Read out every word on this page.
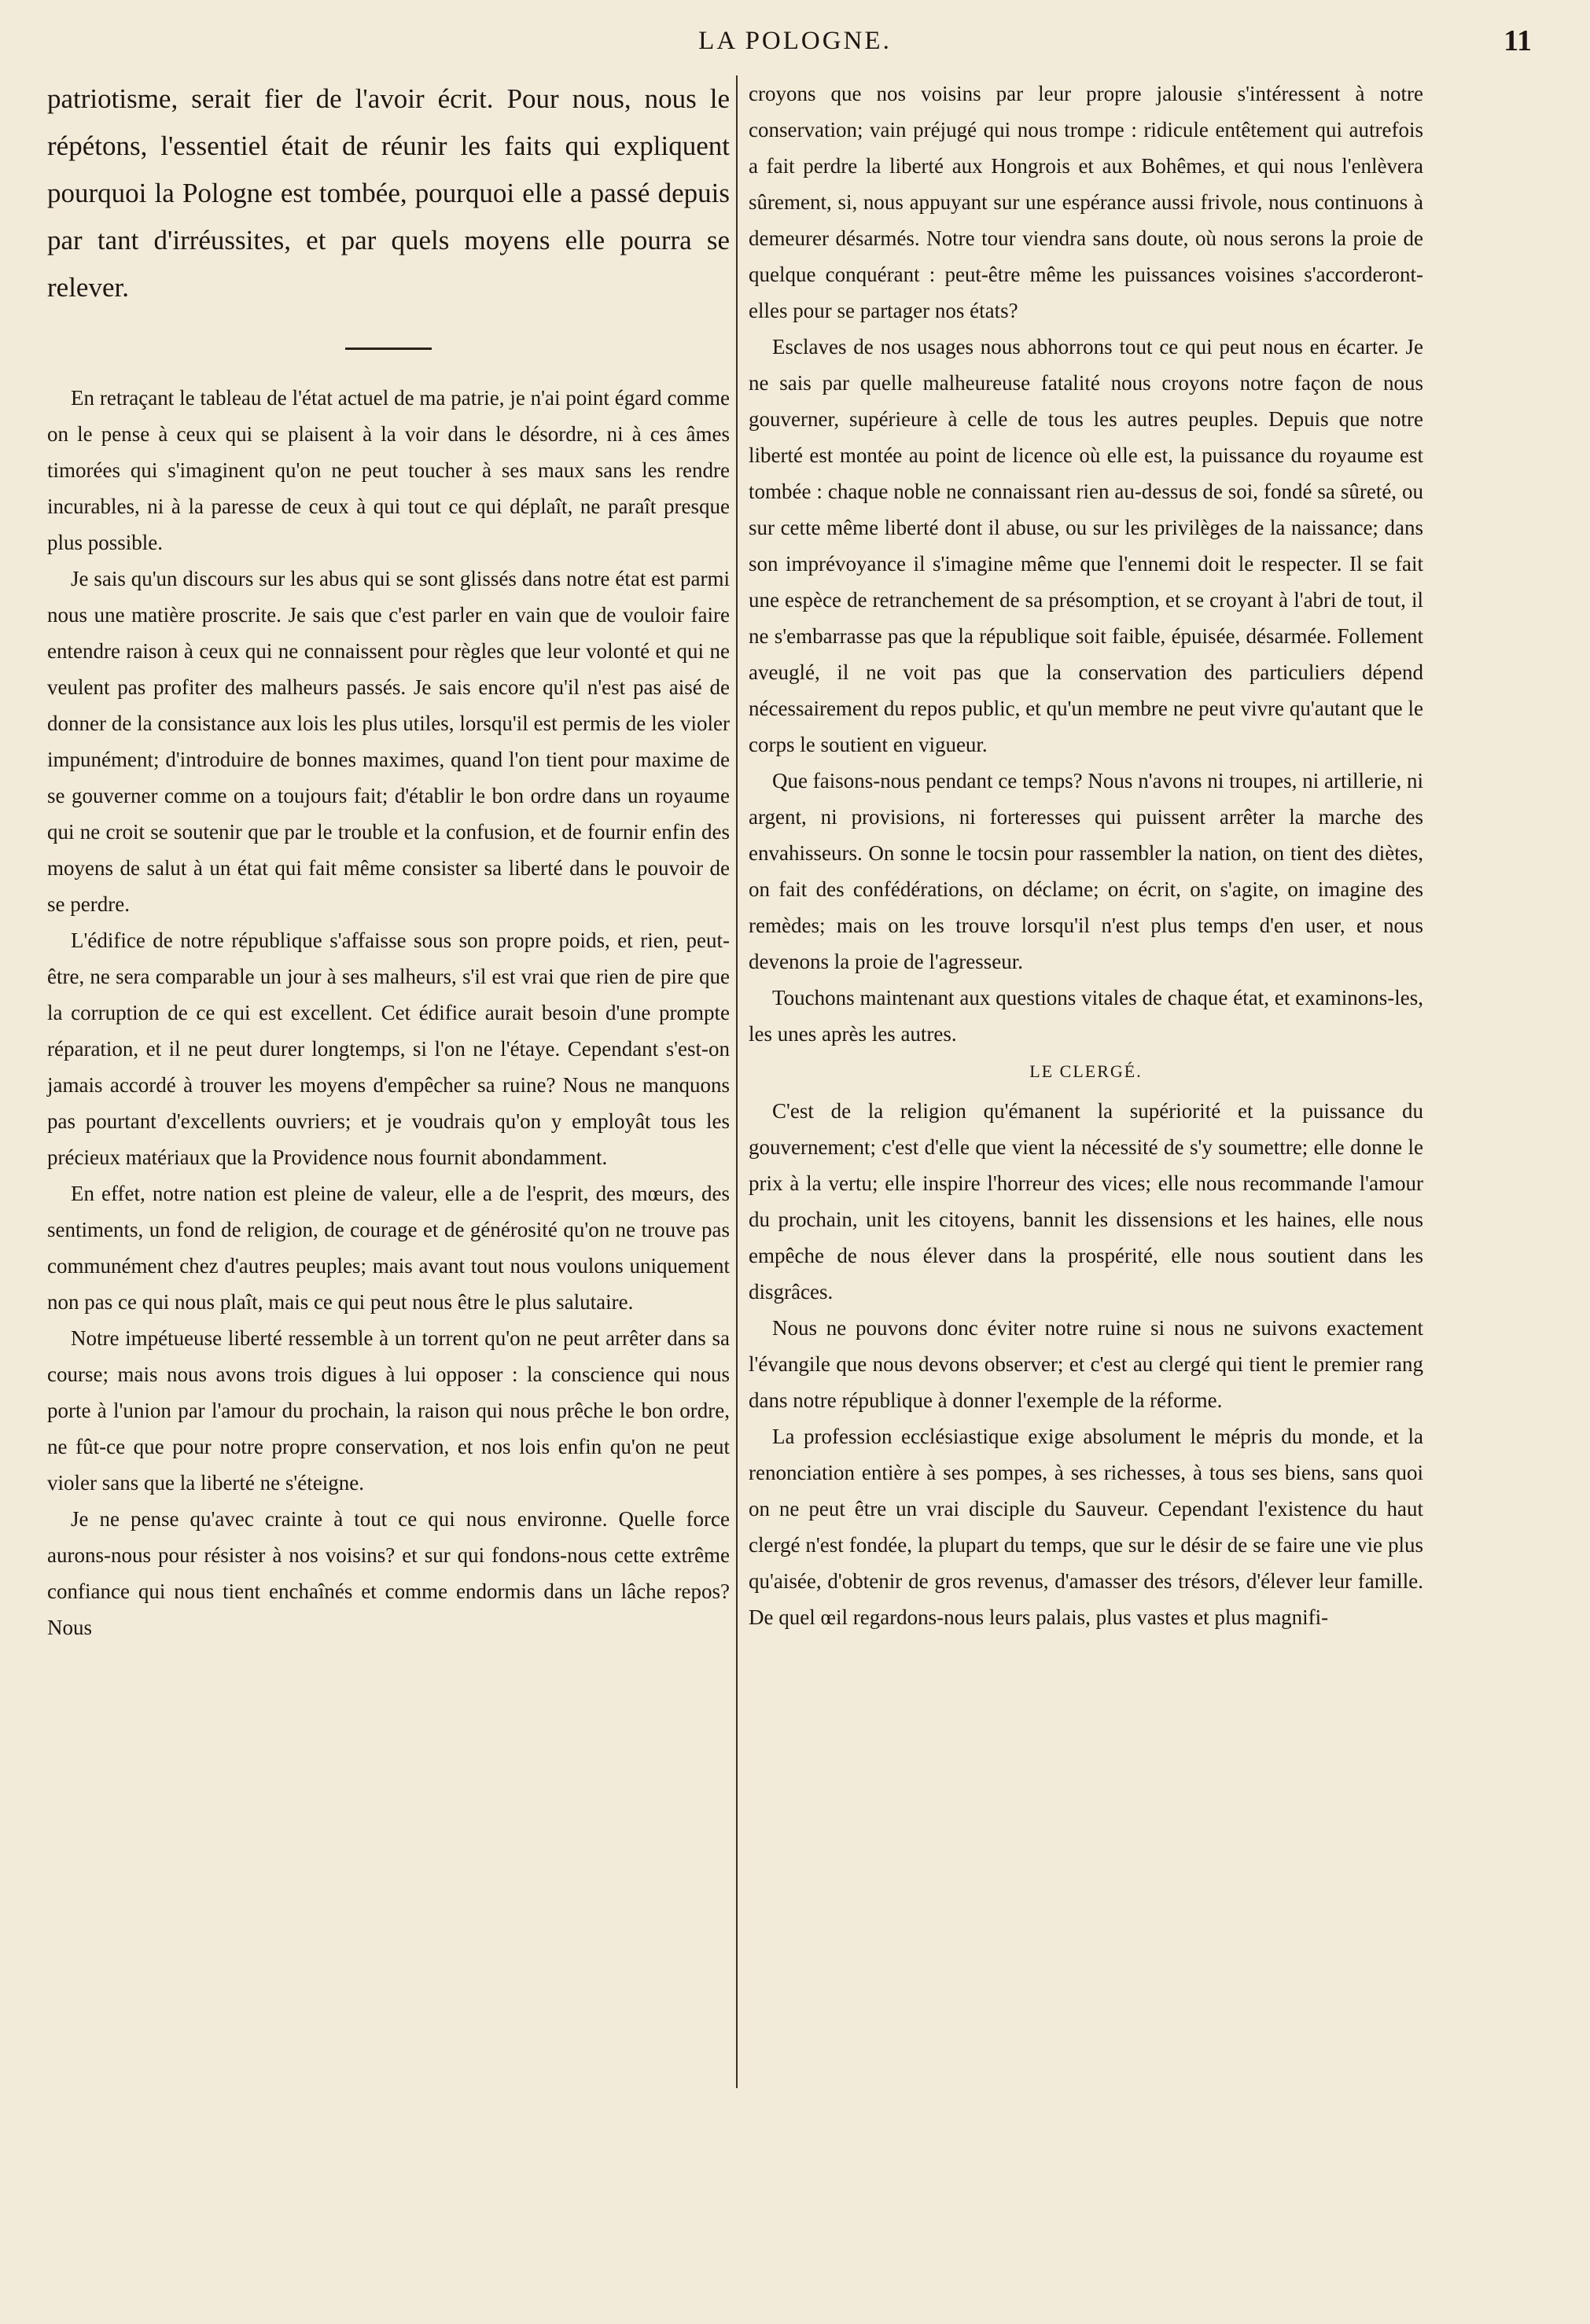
LA POLOGNE.	11

patriotisme, serait fier de l'avoir écrit. Pour nous, nous le répétons, l'essentiel était de réunir les faits qui expliquent pourquoi la Pologne est tombée, pourquoi elle a passé depuis par tant d'irréussites, et par quels moyens elle pourra se relever.

En retraçant le tableau de l'état actuel de ma patrie, je n'ai point égard comme on le pense à ceux qui se plaisent à la voir dans le désordre, ni à ces âmes timorées qui s'imaginent qu'on ne peut toucher à ses maux sans les rendre incurables, ni à la paresse de ceux à qui tout ce qui déplaît, ne paraît presque plus possible.

Je sais qu'un discours sur les abus qui se sont glissés dans notre état est parmi nous une matière proscrite. Je sais que c'est parler en vain que de vouloir faire entendre raison à ceux qui ne connaissent pour règles que leur volonté et qui ne veulent pas profiter des malheurs passés. Je sais encore qu'il n'est pas aisé de donner de la consistance aux lois les plus utiles, lorsqu'il est permis de les violer impunément; d'introduire de bonnes maximes, quand l'on tient pour maxime de se gouverner comme on a toujours fait; d'établir le bon ordre dans un royaume qui ne croit se soutenir que par le trouble et la confusion, et de fournir enfin des moyens de salut à un état qui fait même consister sa liberté dans le pouvoir de se perdre.

L'édifice de notre république s'affaisse sous son propre poids, et rien, peut-être, ne sera comparable un jour à ses malheurs, s'il est vrai que rien de pire que la corruption de ce qui est excellent. Cet édifice aurait besoin d'une prompte réparation, et il ne peut durer longtemps, si l'on ne l'étaye. Cependant s'est-on jamais accordé à trouver les moyens d'empêcher sa ruine? Nous ne manquons pas pourtant d'excellents ouvriers; et je voudrais qu'on y employât tous les précieux matériaux que la Providence nous fournit abondamment.

En effet, notre nation est pleine de valeur, elle a de l'esprit, des mœurs, des sentiments, un fond de religion, de courage et de générosité qu'on ne trouve pas communément chez d'autres peuples; mais avant tout nous voulons uniquement non pas ce qui nous plaît, mais ce qui peut nous être le plus salutaire.

Notre impétueuse liberté ressemble à un torrent qu'on ne peut arrêter dans sa course; mais nous avons trois digues à lui opposer : la conscience qui nous porte à l'union par l'amour du prochain, la raison qui nous prêche le bon ordre, ne fût-ce que pour notre propre conservation, et nos lois enfin qu'on ne peut violer sans que la liberté ne s'éteigne.

Je ne pense qu'avec crainte à tout ce qui nous environne. Quelle force aurons-nous pour résister à nos voisins? et sur qui fondons-nous cette extrême confiance qui nous tient enchaînés et comme endormis dans un lâche repos? Nous

croyons que nos voisins par leur propre jalousie s'intéressent à notre conservation; vain préjugé qui nous trompe : ridicule entêtement qui autrefois a fait perdre la liberté aux Hongrois et aux Bohêmes, et qui nous l'enlèvera sûrement, si, nous appuyant sur une espérance aussi frivole, nous continuons à demeurer désarmés. Notre tour viendra sans doute, où nous serons la proie de quelque conquérant : peut-être même les puissances voisines s'accorderont-elles pour se partager nos états?

Esclaves de nos usages nous abhorrons tout ce qui peut nous en écarter. Je ne sais par quelle malheureuse fatalité nous croyons notre façon de nous gouverner, supérieure à celle de tous les autres peuples. Depuis que notre liberté est montée au point de licence où elle est, la puissance du royaume est tombée : chaque noble ne connaissant rien au-dessus de soi, fondé sa sûreté, ou sur cette même liberté dont il abuse, ou sur les privilèges de la naissance; dans son imprévoyance il s'imagine même que l'ennemi doit le respecter. Il se fait une espèce de retranchement de sa présomption, et se croyant à l'abri de tout, il ne s'embarrasse pas que la république soit faible, épuisée, désarmée. Follement aveuglé, il ne voit pas que la conservation des particuliers dépend nécessairement du repos public, et qu'un membre ne peut vivre qu'autant que le corps le soutient en vigueur.

Que faisons-nous pendant ce temps? Nous n'avons ni troupes, ni artillerie, ni argent, ni provisions, ni forteresses qui puissent arrêter la marche des envahisseurs. On sonne le tocsin pour rassembler la nation, on tient des diètes, on fait des confédérations, on déclame; on écrit, on s'agite, on imagine des remèdes; mais on les trouve lorsqu'il n'est plus temps d'en user, et nous devenons la proie de l'agresseur.

Touchons maintenant aux questions vitales de chaque état, et examinons-les, les unes après les autres.

LE CLERGÉ.

C'est de la religion qu'émanent la supériorité et la puissance du gouvernement; c'est d'elle que vient la nécessité de s'y soumettre; elle donne le prix à la vertu; elle inspire l'horreur des vices; elle nous recommande l'amour du prochain, unit les citoyens, bannit les dissensions et les haines, elle nous empêche de nous élever dans la prospérité, elle nous soutient dans les disgrâces.

Nous ne pouvons donc éviter notre ruine si nous ne suivons exactement l'évangile que nous devons observer; et c'est au clergé qui tient le premier rang dans notre république à donner l'exemple de la réforme.

La profession ecclésiastique exige absolument le mépris du monde, et la renonciation entière à ses pompes, à ses richesses, à tous ses biens, sans quoi on ne peut être un vrai disciple du Sauveur. Cependant l'existence du haut clergé n'est fondée, la plupart du temps, que sur le désir de se faire une vie plus qu'aisée, d'obtenir de gros revenus, d'amasser des trésors, d'élever leur famille. De quel œil regardons-nous leurs palais, plus vastes et plus magnifi-
